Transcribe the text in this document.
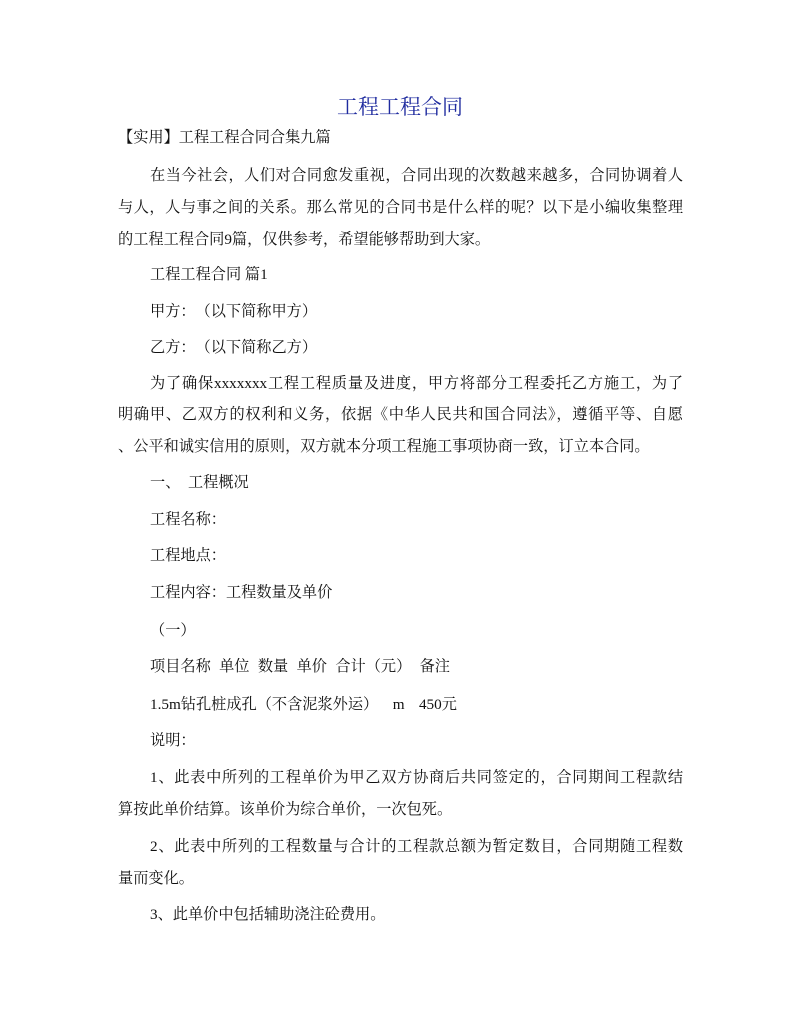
工程工程合同
【实用】工程工程合同合集九篇
在当今社会，人们对合同愈发重视，合同出现的次数越来越多，合同协调着人
与人，人与事之间的关系。那么常见的合同书是什么样的呢？以下是小编收集整理
的工程工程合同9篇，仅供参考，希望能够帮助到大家。
工程工程合同 篇1
甲方：　（以下简称甲方）
乙方：　（以下简称乙方）
为了确保xxxxxxx工程工程质量及进度，甲方将部分工程委托乙方施工，为了
明确甲、乙双方的权利和义务，依据《中华人民共和国合同法》，遵循平等、自愿
、公平和诚实信用的原则，双方就本分项工程施工事项协商一致，订立本合同。
一、　工程概况
工程名称：
工程地点：
工程内容：工程数量及单价
（一）
项目名称 单位 数量 单价 合计（元） 备注
1.5m钻孔桩成孔（不含泥浆外运） m 450元
说明：
1、此表中所列的工程单价为甲乙双方协商后共同签定的，合同期间工程款结
算按此单价结算。该单价为综合单价，一次包死。
2、此表中所列的工程数量与合计的工程款总额为暂定数目，合同期随工程数
量而变化。
3、此单价中包括辅助浇注砼费用。
